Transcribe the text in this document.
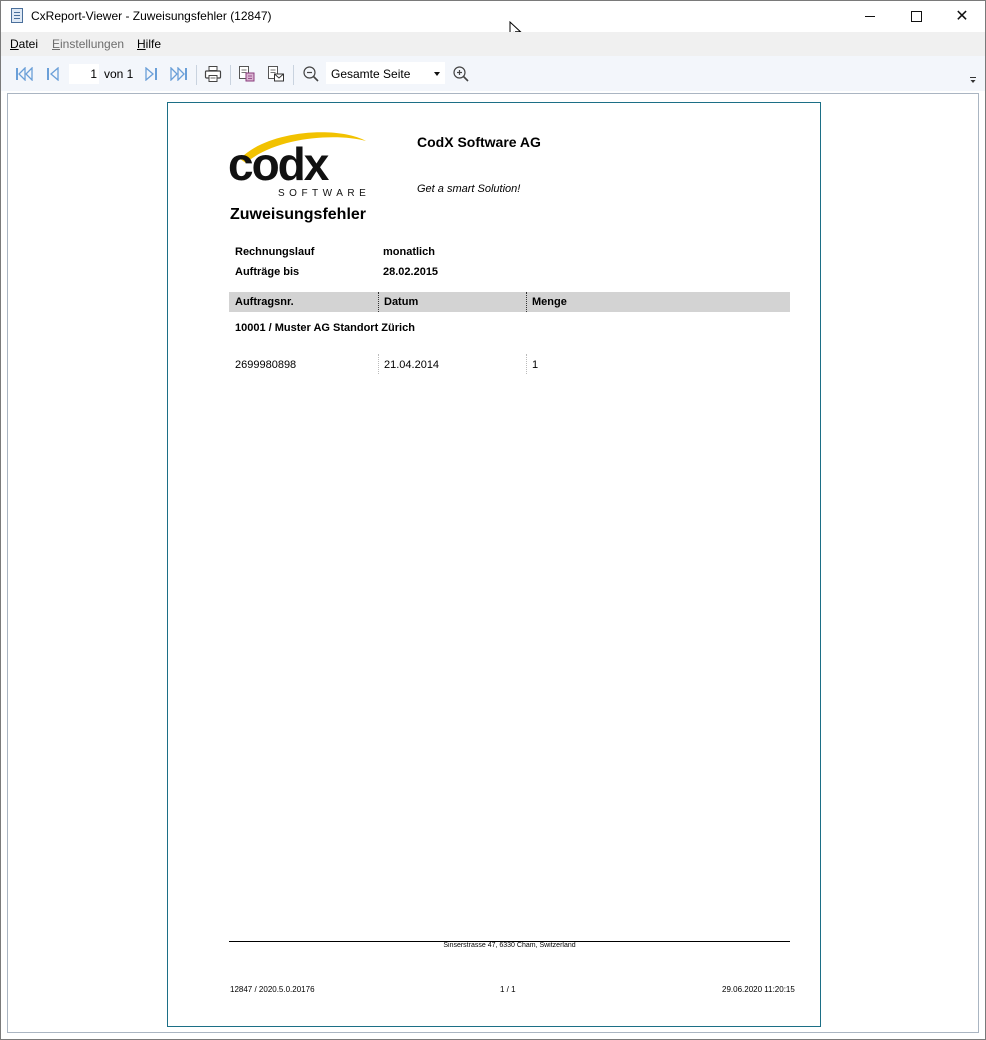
CxReport-Viewer - Zuweisungsfehler (12847)	✕
Datei Einstellungen Hilfe
1
von 1	Gesamte Seite
codx
SOFTWARE
CodX Software AG
Get a smart Solution!
Zuweisungsfehler
Rechnungslauf	monatlich
Aufträge bis	28.02.2015
Auftragsnr.	Datum	Menge
10001 / Muster AG Standort Zürich
2699980898	21.04.2014	1
Sinserstrasse 47, 6330 Cham, Switzerland
12847 / 2020.5.0.20176	1 / 1	29.06.2020 11:20:15
